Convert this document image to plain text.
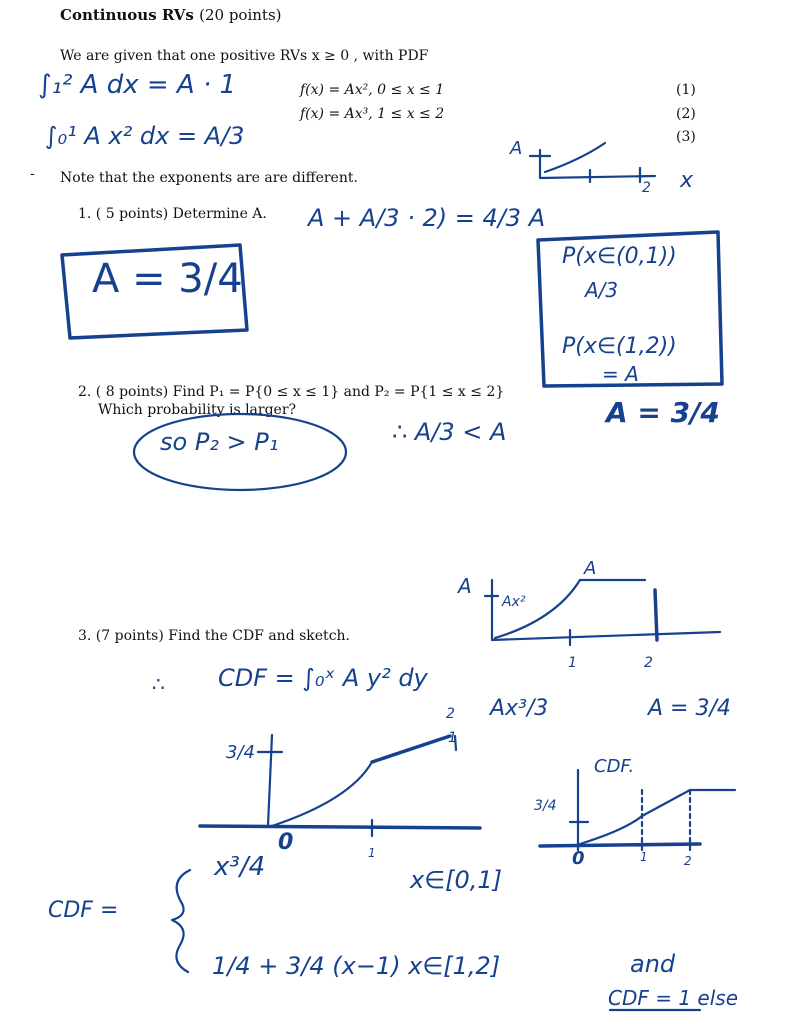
Continuous RVs (20 points)
We are given that one positive RVs x ≥ 0 , with PDF
f(x) = Ax², 0 ≤ x ≤ 1
f(x) = Ax³, 1 ≤ x ≤ 2
(1)
(2)
(3)
Note that the exponents are are different.
-
1. ( 5 points) Determine A.
2. ( 8 points) Find P₁ = P{0 ≤ x ≤ 1} and P₂ = P{1 ≤ x ≤ 2}
Which probability is larger?
3. (7 points) Find the CDF and sketch.
∫₁² A dx = A · 1
∫₀¹ A x² dx = A/3
A + A/3 · 2) = 4/3 A
A = 3/4	P(x∈(0,1))
A/3
P(x∈(1,2))
= A
A = 3/4
so P₂ > P₁	∴ A/3 < A
A
2 x
A
A
Ax²
1	2
∴ CDF = ∫₀ˣ A y² dy
2 Ax³/3	A = 3/4
3/4
1
0	1
CDF.
3/4
0	1	2
CDF =
x³/4	x∈[0,1]
1/4 + 3/4 (x−1) x∈[1,2]	and
CDF = 1 else
